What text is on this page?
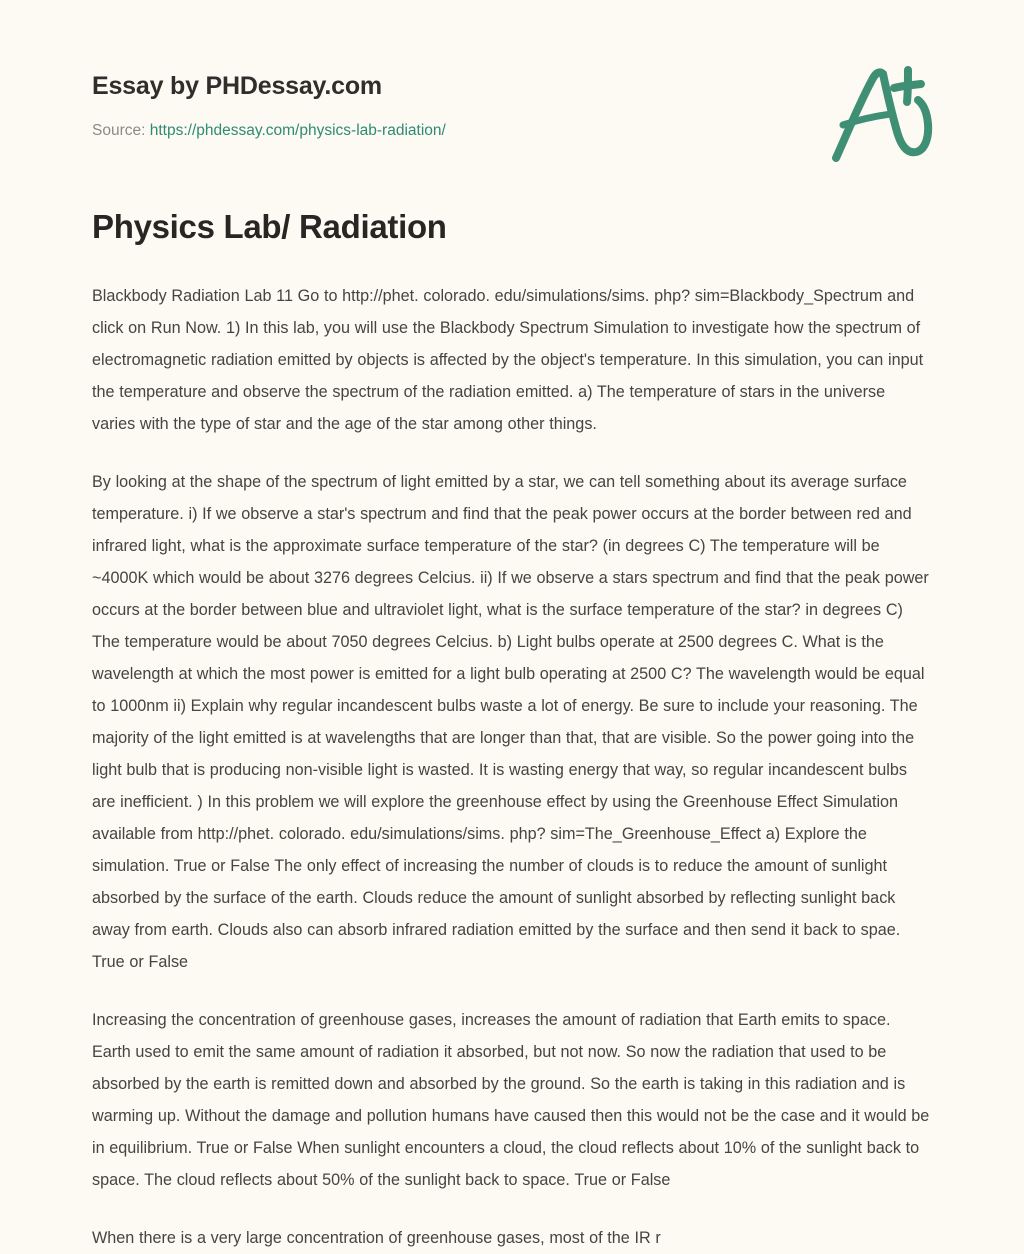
Essay by PHDessay.com
Source: https://phdessay.com/physics-lab-radiation/
Physics Lab/ Radiation

Blackbody Radiation Lab 11 Go to http://phet. colorado. edu/simulations/sims. php? sim=Blackbody_Spectrum and click on Run Now. 1) In this lab, you will use the Blackbody Spectrum Simulation to investigate how the spectrum of electromagnetic radiation emitted by objects is affected by the object's temperature. In this simulation, you can input the temperature and observe the spectrum of the radiation emitted. a) The temperature of stars in the universe varies with the type of star and the age of the star among other things.

By looking at the shape of the spectrum of light emitted by a star, we can tell something about its average surface temperature. i) If we observe a star's spectrum and find that the peak power occurs at the border between red and infrared light, what is the approximate surface temperature of the star? (in degrees C) The temperature will be ~4000K which would be about 3276 degrees Celcius. ii) If we observe a stars spectrum and find that the peak power occurs at the border between blue and ultraviolet light, what is the surface temperature of the star? in degrees C) The temperature would be about 7050 degrees Celcius. b) Light bulbs operate at 2500 degrees C. What is the wavelength at which the most power is emitted for a light bulb operating at 2500 C? The wavelength would be equal to 1000nm ii) Explain why regular incandescent bulbs waste a lot of energy. Be sure to include your reasoning. The majority of the light emitted is at wavelengths that are longer than that, that are visible. So the power going into the light bulb that is producing non-visible light is wasted. It is wasting energy that way, so regular incandescent bulbs are inefficient. ) In this problem we will explore the greenhouse effect by using the Greenhouse Effect Simulation available from http://phet. colorado. edu/simulations/sims. php? sim=The_Greenhouse_Effect a) Explore the simulation. True or False The only effect of increasing the number of clouds is to reduce the amount of sunlight absorbed by the surface of the earth. Clouds reduce the amount of sunlight absorbed by reflecting sunlight back away from earth. Clouds also can absorb infrared radiation emitted by the surface and then send it back to spae. True or False

Increasing the concentration of greenhouse gases, increases the amount of radiation that Earth emits to space. Earth used to emit the same amount of radiation it absorbed, but not now. So now the radiation that used to be absorbed by the earth is remitted down and absorbed by the ground. So the earth is taking in this radiation and is warming up. Without the damage and pollution humans have caused then this would not be the case and it would be in equilibrium. True or False When sunlight encounters a cloud, the cloud reflects about 10% of the sunlight back to space. The cloud reflects about 50% of the sunlight back to space. True or False

When there is a very large concentration of greenhouse gases, most of the IR r
